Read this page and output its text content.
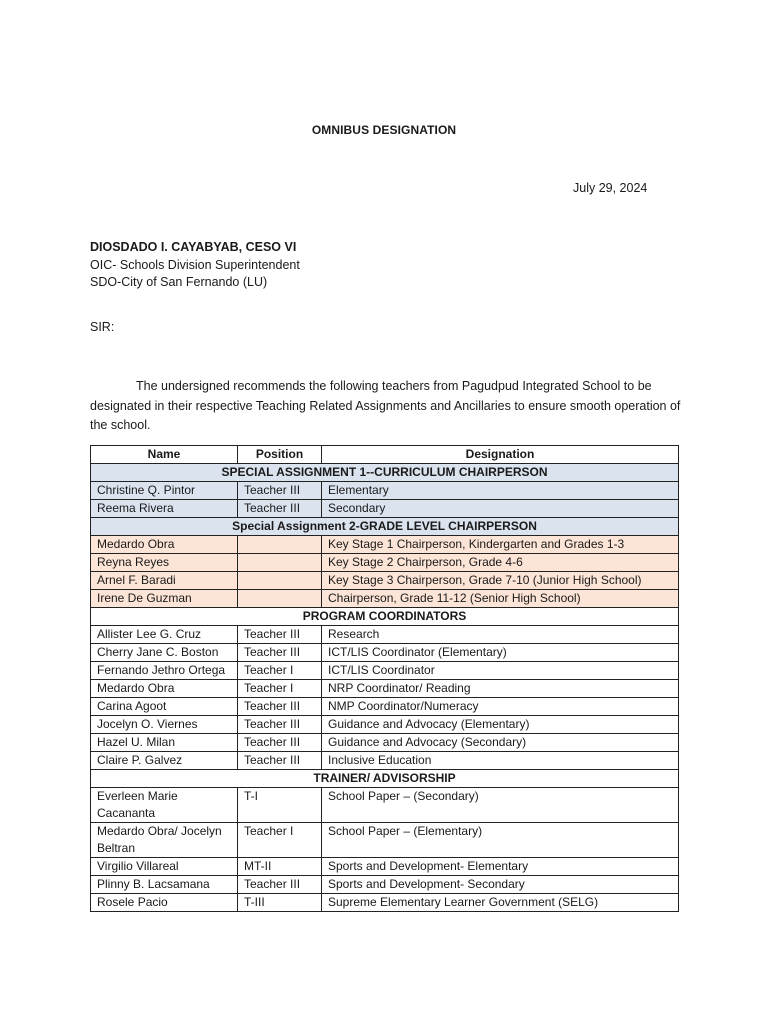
OMNIBUS DESIGNATION
July 29, 2024
DIOSDADO I. CAYABYAB, CESO VI
OIC- Schools Division Superintendent
SDO-City of San Fernando (LU)
SIR:
The undersigned recommends the following teachers from Pagudpud Integrated School to be designated in their respective Teaching Related Assignments and Ancillaries to ensure smooth operation of the school.
Name	Position	Designation
SPECIAL ASSIGNMENT 1--CURRICULUM CHAIRPERSON		
Christine Q. Pintor	Teacher III	Elementary
Reema Rivera	Teacher III	Secondary
Special Assignment 2-GRADE LEVEL CHAIRPERSON		
Medardo Obra		Key Stage 1 Chairperson, Kindergarten and Grades 1-3
Reyna Reyes		Key Stage 2 Chairperson, Grade 4-6
Arnel F. Baradi		Key Stage 3 Chairperson, Grade 7-10 (Junior High School)
Irene De Guzman		Chairperson, Grade 11-12 (Senior High School)
PROGRAM COORDINATORS		
Allister Lee G. Cruz	Teacher III	Research
Cherry Jane C. Boston	Teacher III	ICT/LIS Coordinator (Elementary)
Fernando Jethro Ortega	Teacher I	ICT/LIS Coordinator
Medardo Obra	Teacher I	NRP Coordinator/ Reading
Carina Agoot	Teacher III	NMP Coordinator/Numeracy
Jocelyn O. Viernes	Teacher III	Guidance and Advocacy (Elementary)
Hazel U. Milan	Teacher III	Guidance and Advocacy (Secondary)
Claire P. Galvez	Teacher III	Inclusive Education
TRAINER/ ADVISORSHIP		
Everleen Marie Cacananta	T-I	School Paper – (Secondary)
Medardo Obra/ Jocelyn Beltran	Teacher I	School Paper – (Elementary)
Virgilio Villareal	MT-II	Sports and Development- Elementary
Plinny B. Lacsamana	Teacher III	Sports and Development- Secondary
Rosele Pacio	T-III	Supreme Elementary Learner Government (SELG)
